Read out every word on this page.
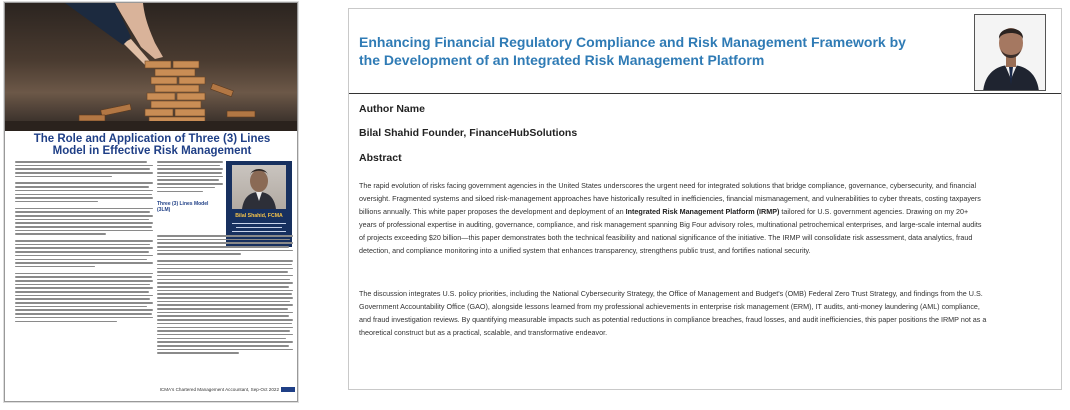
The Role and Application of Three (3) Lines
Model in Effective Risk Management
Three (3) Lines Model (3LM)
Bilal Shahid, FCMA
ICMA's Chartered Management Accountant, Sep-Oct 2022
Enhancing Financial Regulatory Compliance and Risk Management Framework by
the Development of an Integrated Risk Management Platform
Author Name
Bilal Shahid Founder, FinanceHubSolutions
Abstract
The rapid evolution of risks facing government agencies in the United States underscores the urgent need for integrated solutions that bridge compliance, governance, cybersecurity, and financial
oversight. Fragmented systems and siloed risk-management approaches have historically resulted in inefficiencies, financial mismanagement, and vulnerabilities to cyber threats, costing taxpayers
billions annually. This white paper proposes the development and deployment of an Integrated Risk Management Platform (IRMP) tailored for U.S. government agencies. Drawing on my 20+
years of professional expertise in auditing, governance, compliance, and risk management spanning Big Four advisory roles, multinational petrochemical enterprises, and large-scale internal audits
of projects exceeding $20 billion—this paper demonstrates both the technical feasibility and national significance of the initiative. The IRMP will consolidate risk assessment, data analytics, fraud
detection, and compliance monitoring into a unified system that enhances transparency, strengthens public trust, and fortifies national security.
The discussion integrates U.S. policy priorities, including the National Cybersecurity Strategy, the Office of Management and Budget's (OMB) Federal Zero Trust Strategy, and findings from the U.S.
Government Accountability Office (GAO), alongside lessons learned from my professional achievements in enterprise risk management (ERM), IT audits, anti-money laundering (AML) compliance,
and fraud investigation reviews. By quantifying measurable impacts such as potential reductions in compliance breaches, fraud losses, and audit inefficiencies, this paper positions the IRMP not as a
theoretical construct but as a practical, scalable, and transformative endeavor.
